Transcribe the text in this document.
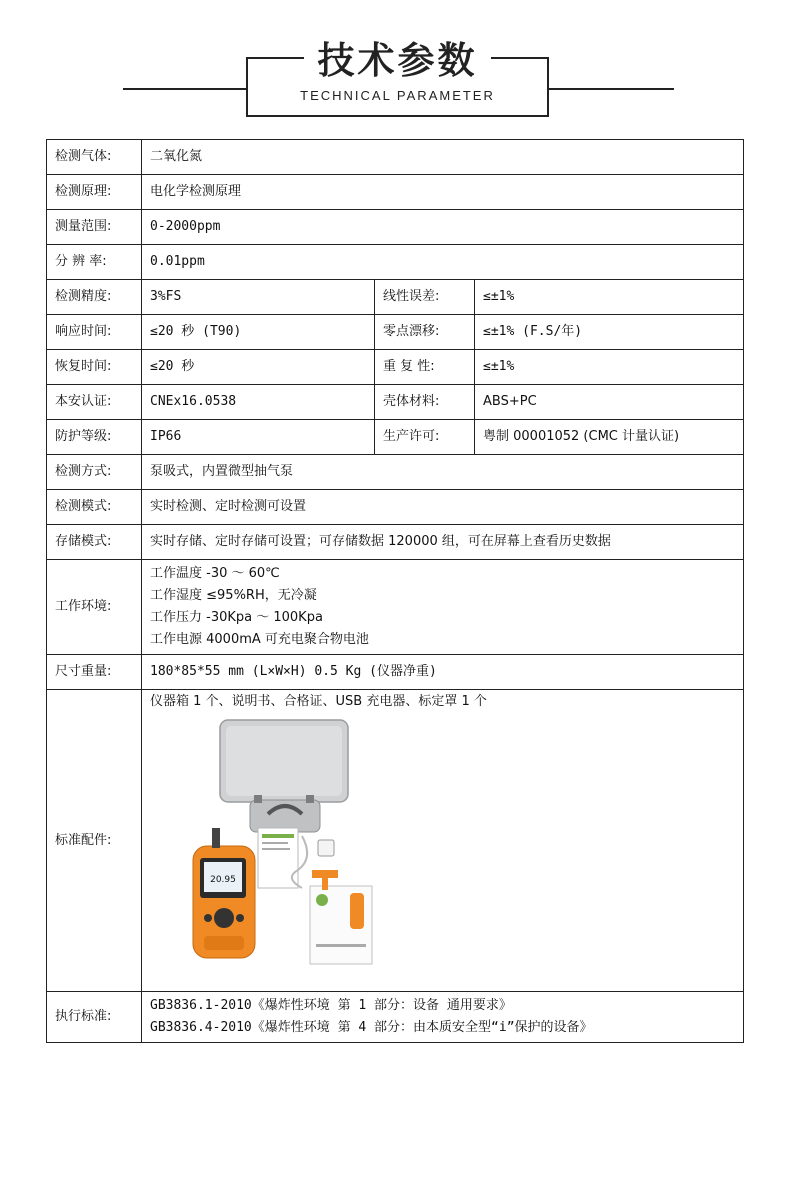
技术参数
TECHNICAL PARAMETER
检测气体:	二氧化氮		
检测原理:	电化学检测原理		
测量范围:	0-2000ppm		
分 辨 率:	0.01ppm		
检测精度:	3%FS	线性误差:	≤±1%
响应时间:	≤20 秒 (T90)	零点漂移:	≤±1% (F.S/年)
恢复时间:	≤20 秒	重 复 性:	≤±1%
本安认证:	CNEx16.0538	壳体材料:	ABS+PC
防护等级:	IP66	生产许可:	粤制 00001052 (CMC 计量认证)
检测方式:	泵吸式，内置微型抽气泵		
检测模式:	实时检测、定时检测可设置		
存储模式:	实时存储、定时存储可设置；可存储数据 120000 组，可在屏幕上查看历史数据		
工作环境:	工作温度 -30 ～ 60℃
工作湿度 ≤95%RH，无冷凝
工作压力 -30Kpa ～ 100Kpa
工作电源 4000mA 可充电聚合物电池		

尺寸重量:	180*85*55 mm (L×W×H) 0.5 Kg (仪器净重)		
标准配件:	仪器箱 1 个、说明书、合格证、USB 充电器、标定罩 1 个
20.95		

执行标准:	GB3836.1-2010《爆炸性环境 第 1 部分：设备 通用要求》
GB3836.4-2010《爆炸性环境 第 4 部分：由本质安全型“i”保护的设备》		
